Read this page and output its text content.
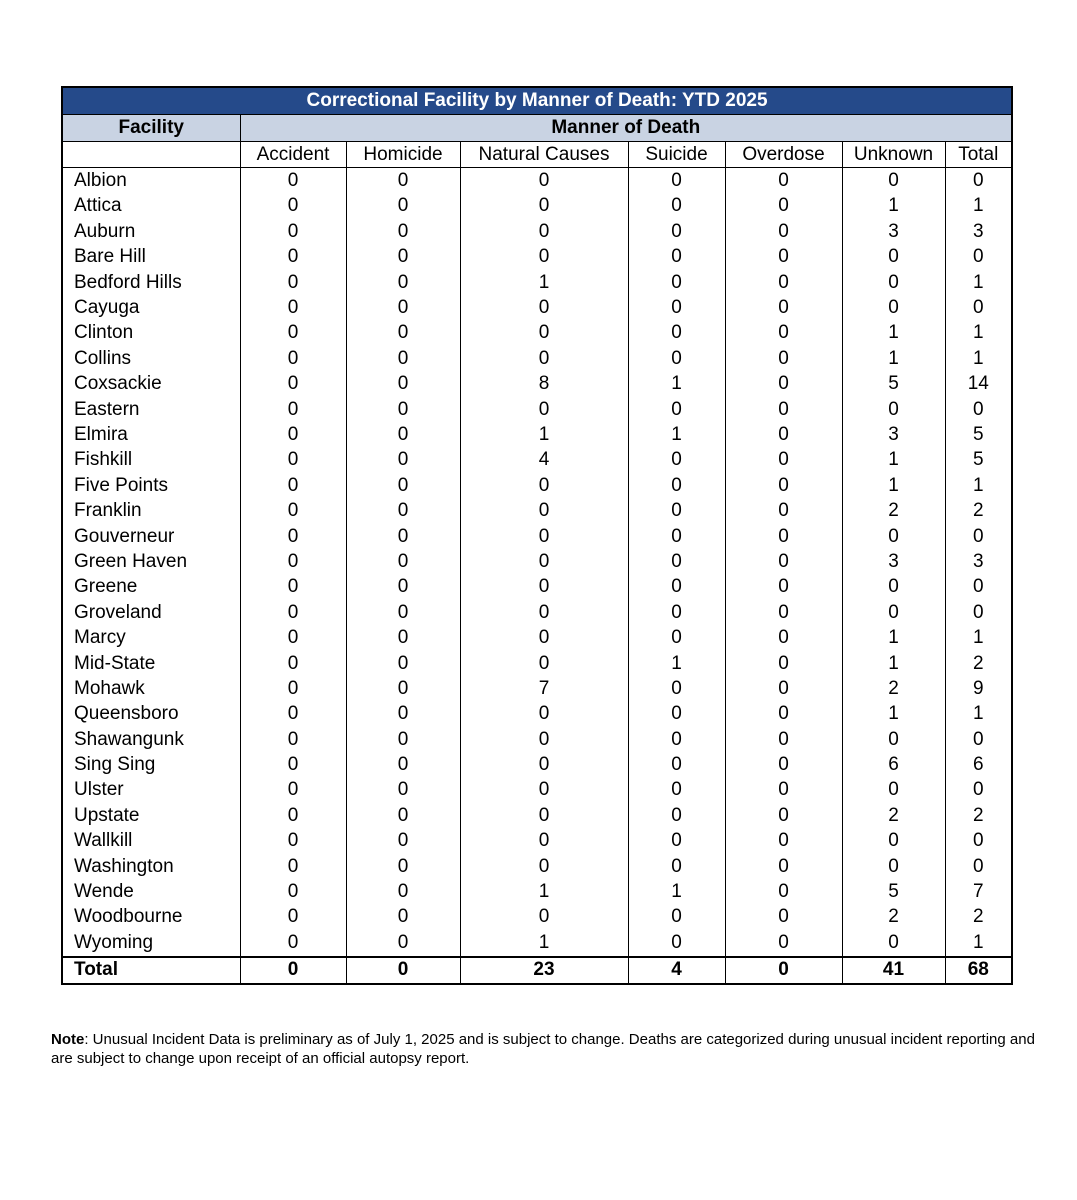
Correctional Facility by Manner of Death: YTD 2025							
Facility	Manner of Death						
	Accident	Homicide	Natural Causes	Suicide	Overdose	Unknown	Total
Albion	0	0	0	0	0	0	0
Attica	0	0	0	0	0	1	1
Auburn	0	0	0	0	0	3	3
Bare Hill	0	0	0	0	0	0	0
Bedford Hills	0	0	1	0	0	0	1
Cayuga	0	0	0	0	0	0	0
Clinton	0	0	0	0	0	1	1
Collins	0	0	0	0	0	1	1
Coxsackie	0	0	8	1	0	5	14
Eastern	0	0	0	0	0	0	0
Elmira	0	0	1	1	0	3	5
Fishkill	0	0	4	0	0	1	5
Five Points	0	0	0	0	0	1	1
Franklin	0	0	0	0	0	2	2
Gouverneur	0	0	0	0	0	0	0
Green Haven	0	0	0	0	0	3	3
Greene	0	0	0	0	0	0	0
Groveland	0	0	0	0	0	0	0
Marcy	0	0	0	0	0	1	1
Mid-State	0	0	0	1	0	1	2
Mohawk	0	0	7	0	0	2	9
Queensboro	0	0	0	0	0	1	1
Shawangunk	0	0	0	0	0	0	0
Sing Sing	0	0	0	0	0	6	6
Ulster	0	0	0	0	0	0	0
Upstate	0	0	0	0	0	2	2
Wallkill	0	0	0	0	0	0	0
Washington	0	0	0	0	0	0	0
Wende	0	0	1	1	0	5	7
Woodbourne	0	0	0	0	0	2	2
Wyoming	0	0	1	0	0	0	1
Total	0	0	23	4	0	41	68
Note: Unusual Incident Data is preliminary as of July 1, 2025 and is subject to change. Deaths are categorized during unusual incident reporting and are subject to change upon receipt of an official autopsy report.
